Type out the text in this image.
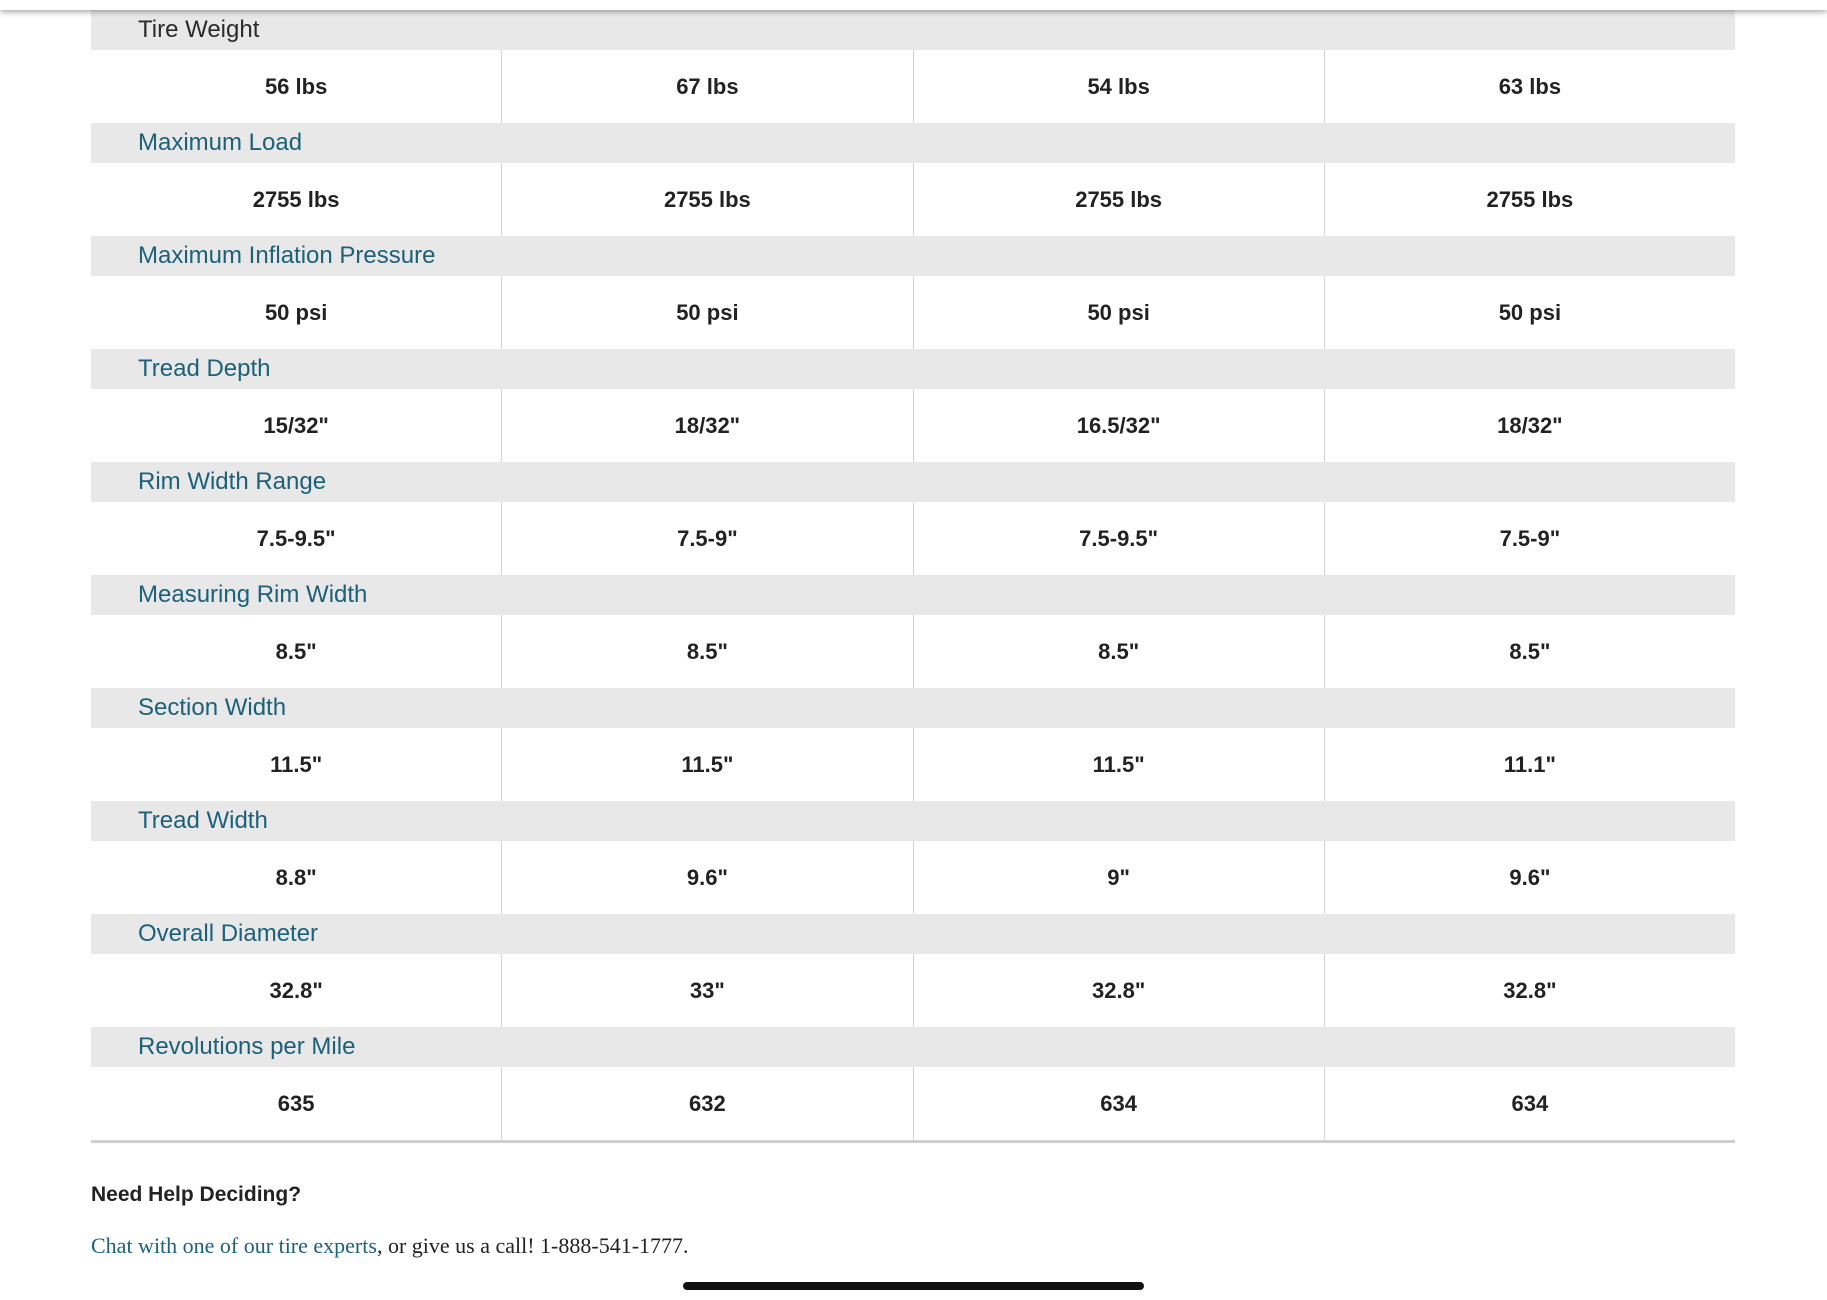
Tire Weight
56 lbs	67 lbs	54 lbs	63 lbs
Maximum Load
2755 lbs	2755 lbs	2755 lbs	2755 lbs
Maximum Inflation Pressure
50 psi	50 psi	50 psi	50 psi
Tread Depth
15/32"	18/32"	16.5/32"	18/32"
Rim Width Range
7.5-9.5"	7.5-9"	7.5-9.5"	7.5-9"
Measuring Rim Width
8.5"	8.5"	8.5"	8.5"
Section Width
11.5"	11.5"	11.5"	11.1"
Tread Width
8.8"	9.6"	9"	9.6"
Overall Diameter
32.8"	33"	32.8"	32.8"
Revolutions per Mile
635	632	634	634

Need Help Deciding?

Chat with one of our tire experts, or give us a call! 1-888-541-1777.
